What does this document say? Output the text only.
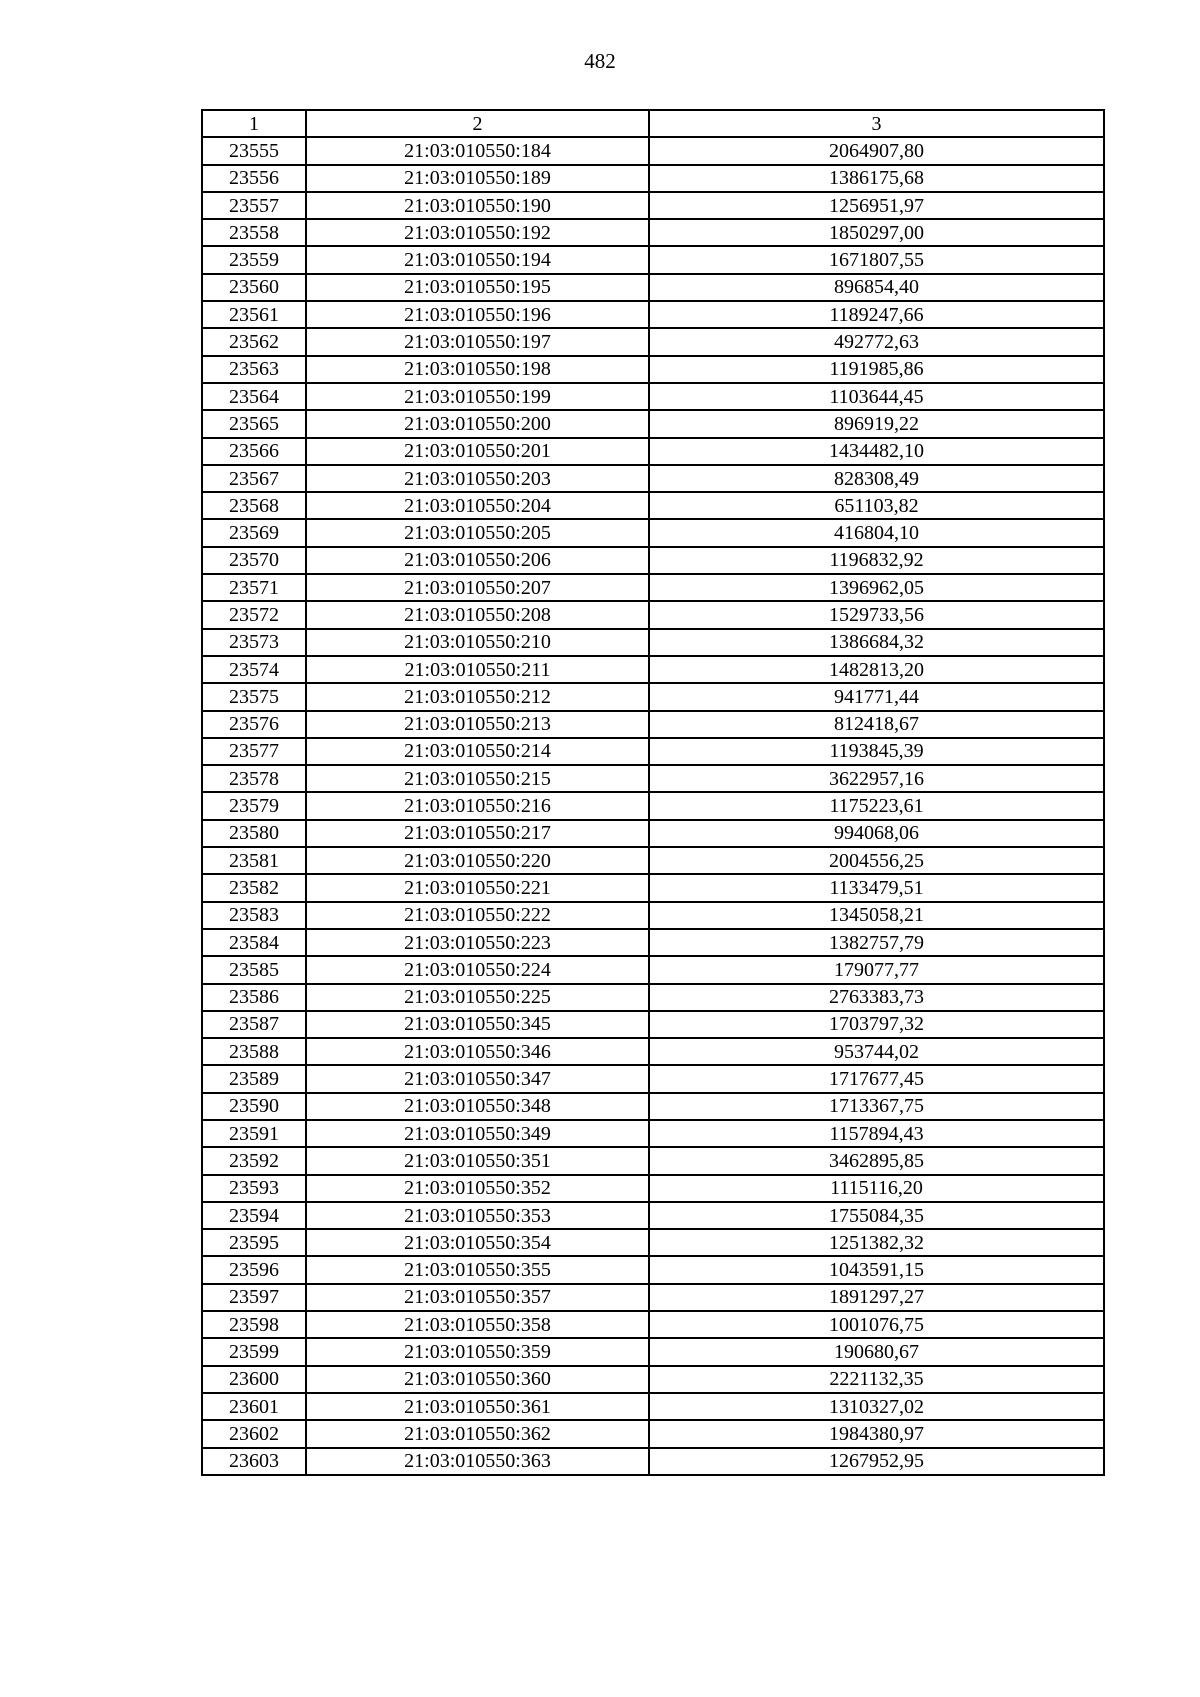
482
1	2	3
23555	21:03:010550:184	2064907,80
23556	21:03:010550:189	1386175,68
23557	21:03:010550:190	1256951,97
23558	21:03:010550:192	1850297,00
23559	21:03:010550:194	1671807,55
23560	21:03:010550:195	896854,40
23561	21:03:010550:196	1189247,66
23562	21:03:010550:197	492772,63
23563	21:03:010550:198	1191985,86
23564	21:03:010550:199	1103644,45
23565	21:03:010550:200	896919,22
23566	21:03:010550:201	1434482,10
23567	21:03:010550:203	828308,49
23568	21:03:010550:204	651103,82
23569	21:03:010550:205	416804,10
23570	21:03:010550:206	1196832,92
23571	21:03:010550:207	1396962,05
23572	21:03:010550:208	1529733,56
23573	21:03:010550:210	1386684,32
23574	21:03:010550:211	1482813,20
23575	21:03:010550:212	941771,44
23576	21:03:010550:213	812418,67
23577	21:03:010550:214	1193845,39
23578	21:03:010550:215	3622957,16
23579	21:03:010550:216	1175223,61
23580	21:03:010550:217	994068,06
23581	21:03:010550:220	2004556,25
23582	21:03:010550:221	1133479,51
23583	21:03:010550:222	1345058,21
23584	21:03:010550:223	1382757,79
23585	21:03:010550:224	179077,77
23586	21:03:010550:225	2763383,73
23587	21:03:010550:345	1703797,32
23588	21:03:010550:346	953744,02
23589	21:03:010550:347	1717677,45
23590	21:03:010550:348	1713367,75
23591	21:03:010550:349	1157894,43
23592	21:03:010550:351	3462895,85
23593	21:03:010550:352	1115116,20
23594	21:03:010550:353	1755084,35
23595	21:03:010550:354	1251382,32
23596	21:03:010550:355	1043591,15
23597	21:03:010550:357	1891297,27
23598	21:03:010550:358	1001076,75
23599	21:03:010550:359	190680,67
23600	21:03:010550:360	2221132,35
23601	21:03:010550:361	1310327,02
23602	21:03:010550:362	1984380,97
23603	21:03:010550:363	1267952,95
